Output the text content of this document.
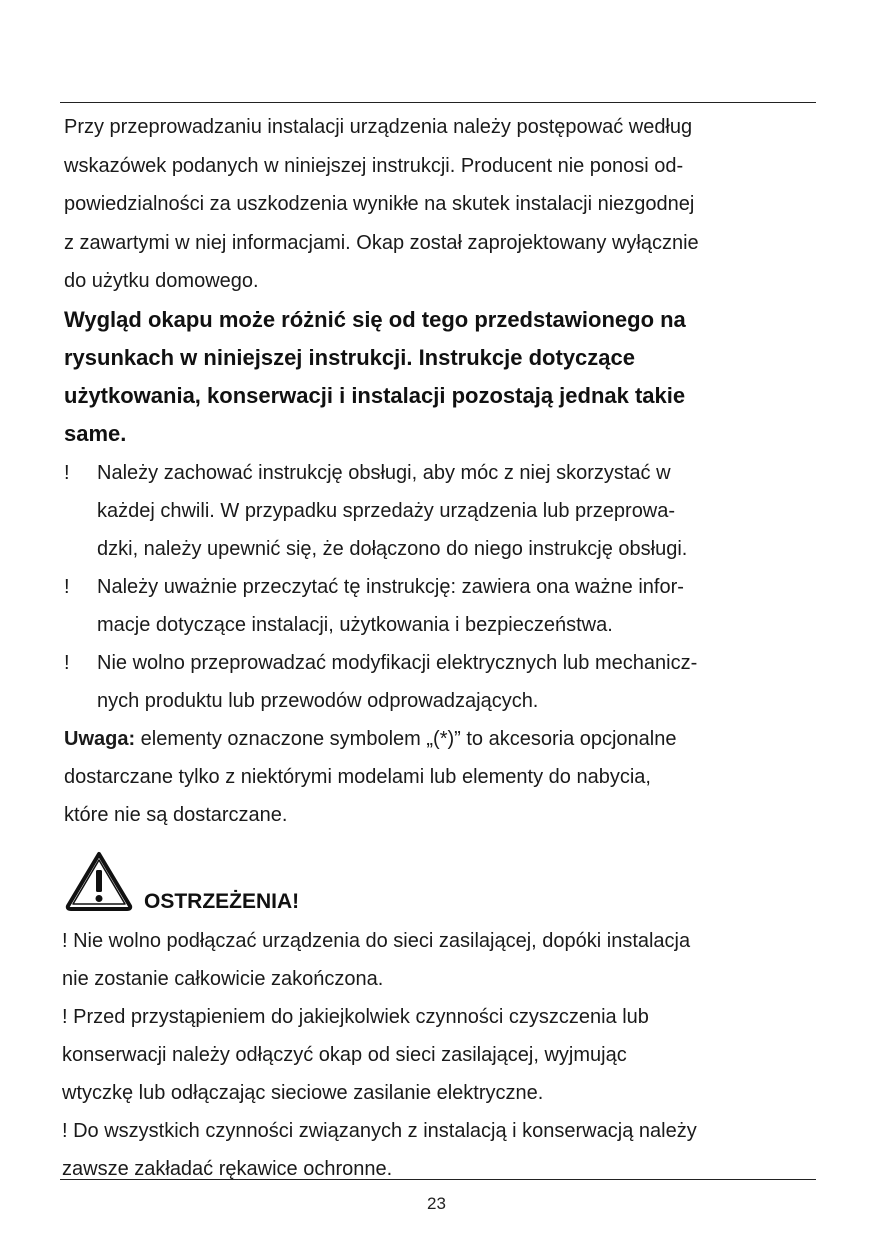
Przy przeprowadzaniu instalacji urządzenia należy postępować według
wskazówek podanych w niniejszej instrukcji. Producent nie ponosi od-
powiedzialności za uszkodzenia wynikłe na skutek instalacji niezgodnej
z zawartymi w niej informacjami. Okap został zaprojektowany wyłącznie
do użytku domowego.
Wygląd okapu może różnić się od tego przedstawionego na
rysunkach w niniejszej instrukcji. Instrukcje dotyczące
użytkowania, konserwacji i instalacji pozostają jednak takie
same.
!	Należy zachować instrukcję obsługi, aby móc z niej skorzystać w
każdej chwili. W przypadku sprzedaży urządzenia lub przeprowa-
dzki, należy upewnić się, że dołączono do niego instrukcję obsługi.
!	Należy uważnie przeczytać tę instrukcję: zawiera ona ważne infor-
macje dotyczące instalacji, użytkowania i bezpieczeństwa.
!	Nie wolno przeprowadzać modyfikacji elektrycznych lub mechanicz-
nych produktu lub przewodów odprowadzających.
Uwaga: elementy oznaczone symbolem „(*)” to akcesoria opcjonalne
dostarczane tylko z niektórymi modelami lub elementy do nabycia,
które nie są dostarczane.
OSTRZEŻENIA!
! Nie wolno podłączać urządzenia do sieci zasilającej, dopóki instalacja
nie zostanie całkowicie zakończona.
! Przed przystąpieniem do jakiejkolwiek czynności czyszczenia lub
konserwacji należy odłączyć okap od sieci zasilającej, wyjmując
wtyczkę lub odłączając sieciowe zasilanie elektryczne.
! Do wszystkich czynności związanych z instalacją i konserwacją należy
zawsze zakładać rękawice ochronne.
23
